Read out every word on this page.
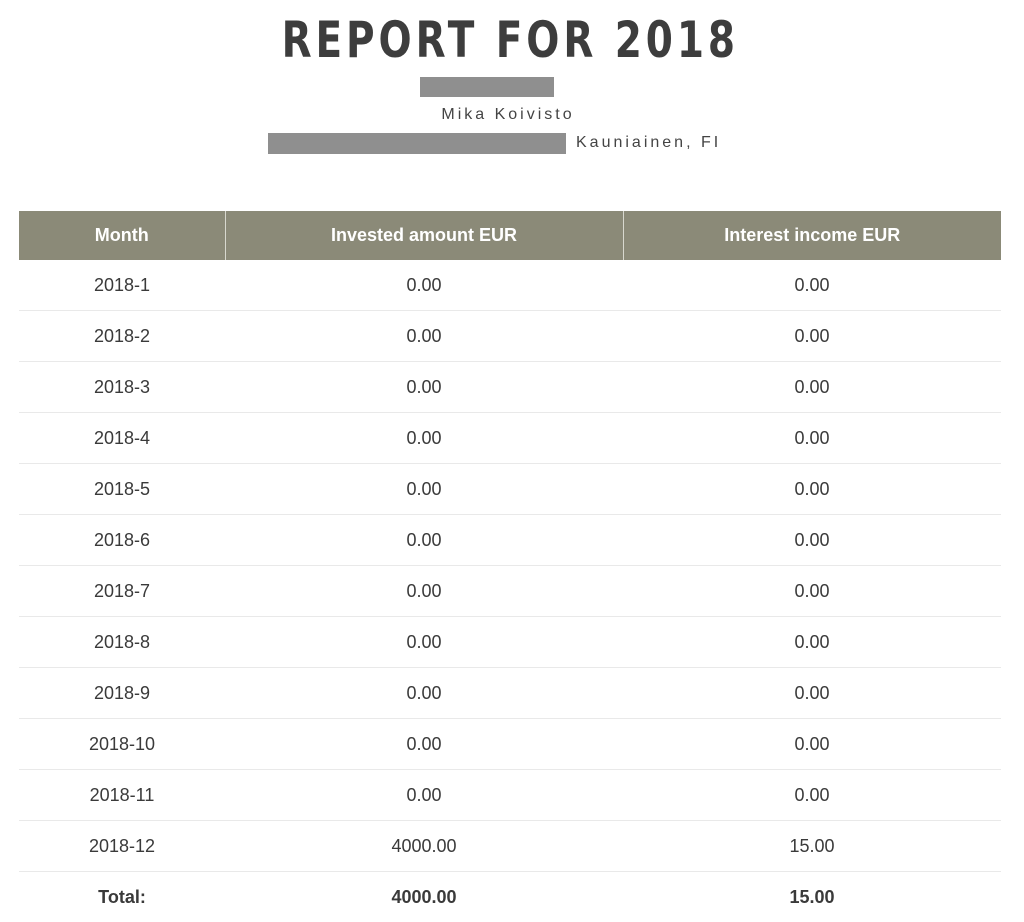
REPORT FOR 2018
Mika Koivisto
Kauniainen, FI
Month	Invested amount EUR	Interest income EUR
2018-1	0.00	0.00
2018-2	0.00	0.00
2018-3	0.00	0.00
2018-4	0.00	0.00
2018-5	0.00	0.00
2018-6	0.00	0.00
2018-7	0.00	0.00
2018-8	0.00	0.00
2018-9	0.00	0.00
2018-10	0.00	0.00
2018-11	0.00	0.00
2018-12	4000.00	15.00
Total:	4000.00	15.00
